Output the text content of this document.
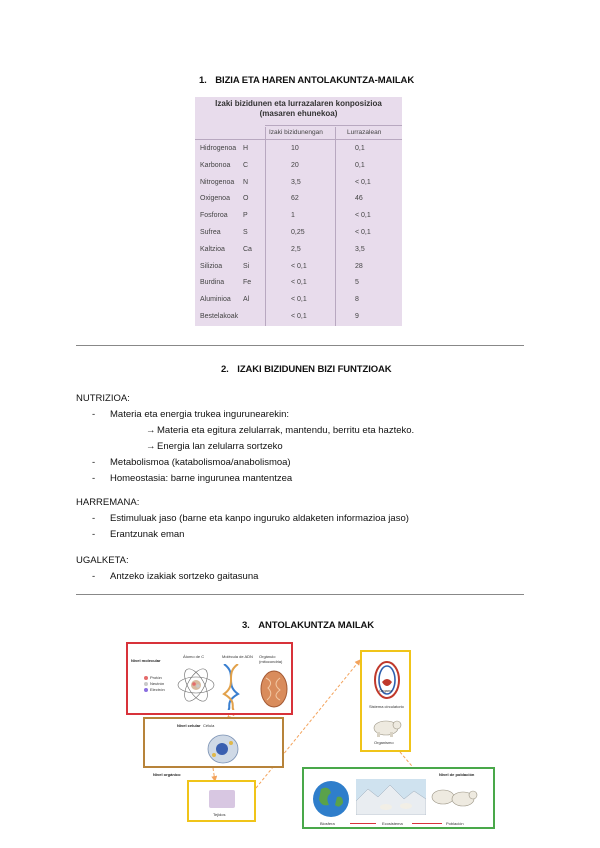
1. BIZIA ETA HAREN ANTOLAKUNTZA-MAILAK
Izaki bizidunen eta lurrazalaren konposizioa
(masaren ehunekoa)
Izaki bizidunengan	Lurrazalean
Hidrogenoa H	10	0,1
Karbonoa C	20	0,1
Nitrogenoa N	3,5	< 0,1
Oxigenoa O	62	46
Fosforoa P	1	< 0,1
Sufrea	S	0,25	< 0,1
Kaltzioa	Ca	2,5	3,5
Silizioa	Si	< 0,1	28
Burdina	Fe	< 0,1	5
Aluminioa Al	< 0,1	8
Bestelakoak	< 0,1	9
2. IZAKI BIZIDUNEN BIZI FUNTZIOAK
NUTRIZIOA:
- Materia eta energia trukea ingurunearekin:
→ Materia eta egitura zelularrak, mantendu, berritu eta hazteko.
→ Energia lan zelularra sortzeko
- Metabolismoa (katabolismoa/anabolismoa)
- Homeostasia: barne ingurunea mantentzea
HARREMANA:
- Estimuluak jaso (barne eta kanpo inguruko aldaketen informazioa jaso)
- Erantzunak eman
UGALKETA:
- Antzeko izakiak sortzeko gaitasuna
3. ANTOLAKUNTZA MAILAK
Nivel molecular
Protón
Neutrón
Electrón
Átomo de C	Molécula de ADN Orgánulo (mitocondria)
Nivel celular Célula
Nivel orgánico
Tejidos
Órgano
Sistema circulatorio
Organismo
Nivel de población
Biosfera	Ecosistema	Población
